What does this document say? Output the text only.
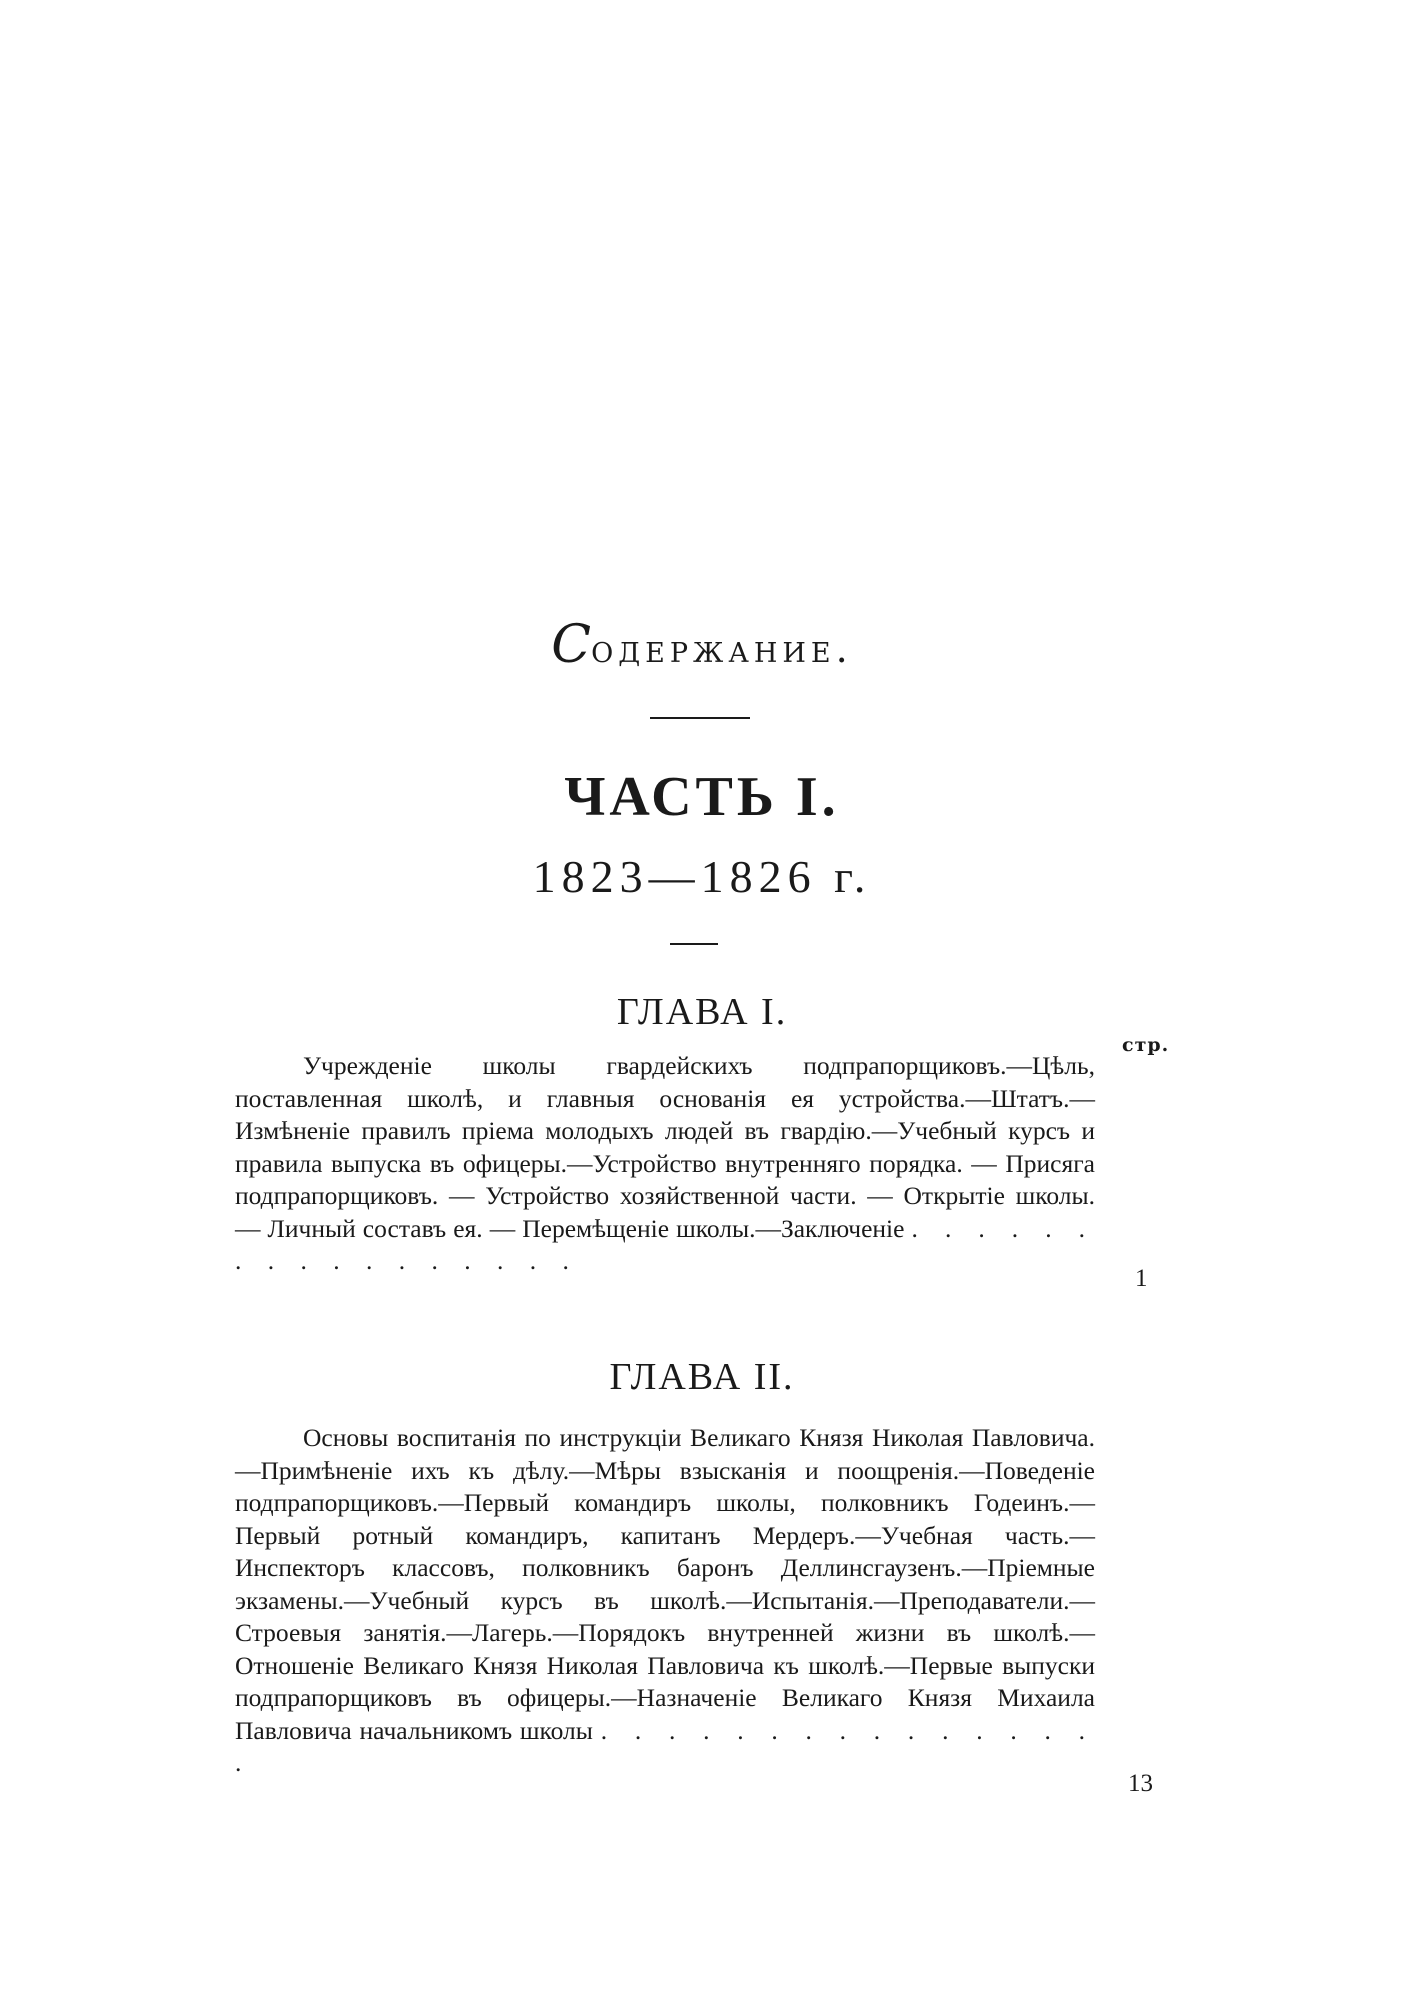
Содержание.
ЧАСТЬ I.
1823—1826 г.
ГЛАВА I.
стр.
Учрежденіе школы гвардейскихъ подпрапорщиковъ.—Цѣль, поставленная школѣ, и главныя основанія ея устройства.—Штатъ.—Измѣненіе правилъ пріема молодыхъ людей въ гвардію.—Учебный курсъ и правила выпуска въ офицеры.—Устройство внутренняго порядка. — Присяга подпрапорщиковъ. — Устройство хозяйственной части. — Открытіе школы. — Личный составъ ея. — Перемѣщеніе школы.—Заключеніе . . . . . . . . . . . . . . . . .
1
ГЛАВА II.
Основы воспитанія по инструкціи Великаго Князя Николая Павловича.—Примѣненіе ихъ къ дѣлу.—Мѣры взысканія и поощренія.—Поведеніе подпрапорщиковъ.—Первый командиръ школы, полковникъ Годеинъ.—Первый ротный командиръ, капитанъ Мердеръ.—Учебная часть.—Инспекторъ классовъ, полковникъ баронъ Деллинсгаузенъ.—Пріемные экзамены.—Учебный курсъ въ школѣ.—Испытанія.—Преподаватели.—Строевыя занятія.—Лагерь.—Порядокъ внутренней жизни въ школѣ.—Отношеніе Великаго Князя Николая Павловича къ школѣ.—Первые выпуски подпрапорщиковъ въ офицеры.—Назначеніе Великаго Князя Михаила Павловича начальникомъ школы . . . . . . . . . . . . . . . .
13
